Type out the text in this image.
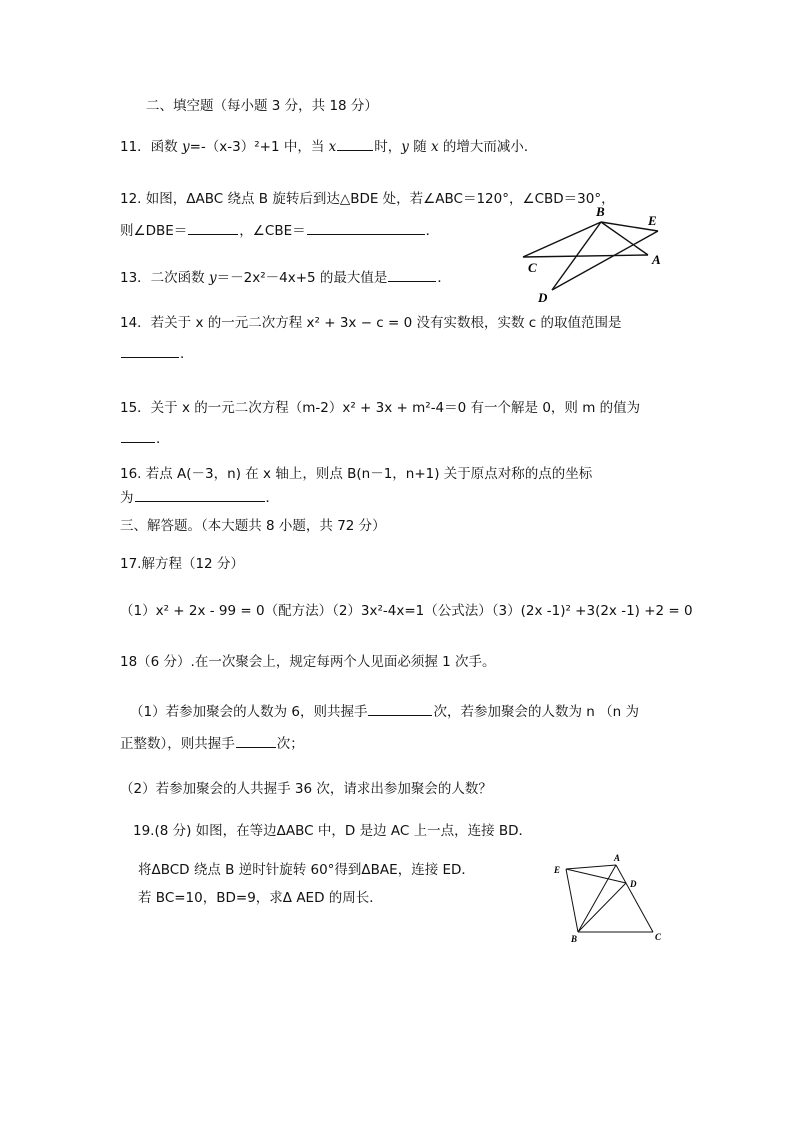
二、填空题（每小题 3 分，共 18 分）
11．函数 y=-（x-3）²+1 中，当 x	时，y 随 x 的增大而减小．
12. 如图，ΔABC 绕点 B 旋转后到达△BDE 处，若∠ABC＝120°，∠CBD＝30°，
则∠DBE＝	，∠CBE＝	．
B
E
C
A
D
13．二次函数 y＝－2x²－4x+5 的最大值是	．
14．若关于 x 的一元二次方程 x² + 3x − c = 0 没有实数根，实数 c 的取值范围是
．
15．关于 x 的一元二次方程（m-2）x² + 3x + m²-4＝0 有一个解是 0，则 m 的值为
．
16. 若点 A(－3，n) 在 x 轴上，则点 B(n－1，n+1) 关于原点对称的点的坐标
为	．
三、解答题。（本大题共 8 小题，共 72 分）
17.解方程（12 分）
（1）x² + 2x - 99 = 0（配方法）（2）3x²-4x=1（公式法）（3）(2x -1)² +3(2x -1) +2 = 0
18（6 分）.在一次聚会上，规定每两个人见面必须握 1 次手。
（1）若参加聚会的人数为 6，则共握手	次，若参加聚会的人数为 n （n 为
正整数），则共握手	次；
（2）若参加聚会的人共握手 36 次，请求出参加聚会的人数？
19.(8 分) 如图，在等边ΔABC 中，D 是边 AC 上一点，连接 BD．
将ΔBCD 绕点 B 逆时针旋转 60°得到ΔBAE，连接 ED．
若 BC=10，BD=9，求Δ AED 的周长．
E
A
D
B	C
